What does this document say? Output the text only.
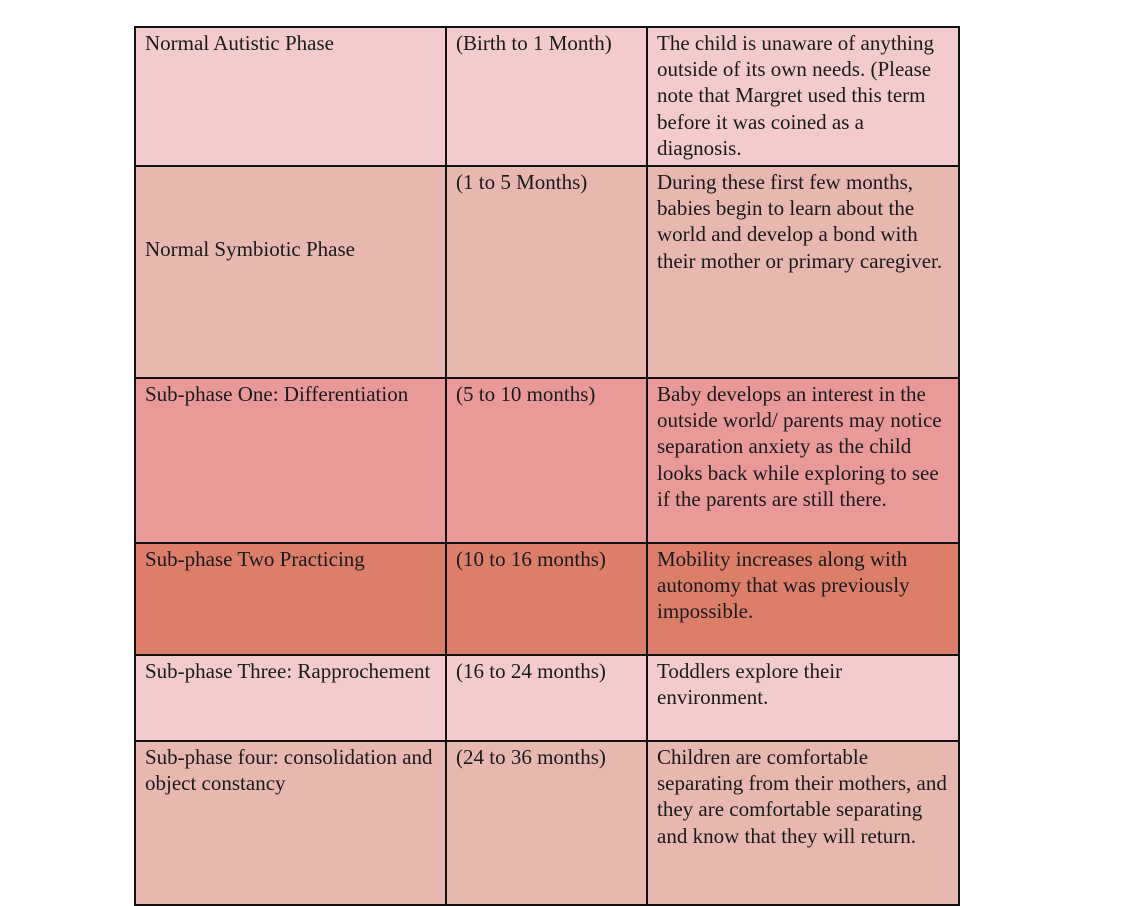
Normal Autistic Phase	(Birth to 1 Month)	The child is unaware of anything outside of its own needs. (Please note that Margret used this term before it was coined as a diagnosis.

Normal Symbiotic Phase	(1 to 5 Months)	During these first few months, babies begin to learn about the world and develop a bond with their mother or primary caregiver.
Sub-phase One: Differentiation	(5 to 10 months)	Baby develops an interest in the outside world/ parents may notice separation anxiety as the child looks back while exploring to see if the parents are still there.
Sub-phase Two Practicing	(10 to 16 months)	Mobility increases along with autonomy that was previously impossible.
Sub-phase Three: Rapprochement	(16 to 24 months)	Toddlers explore their environment.
Sub-phase four: consolidation and object constancy	(24 to 36 months)	Children are comfortable separating from their mothers, and they are comfortable separating and know that they will return.
